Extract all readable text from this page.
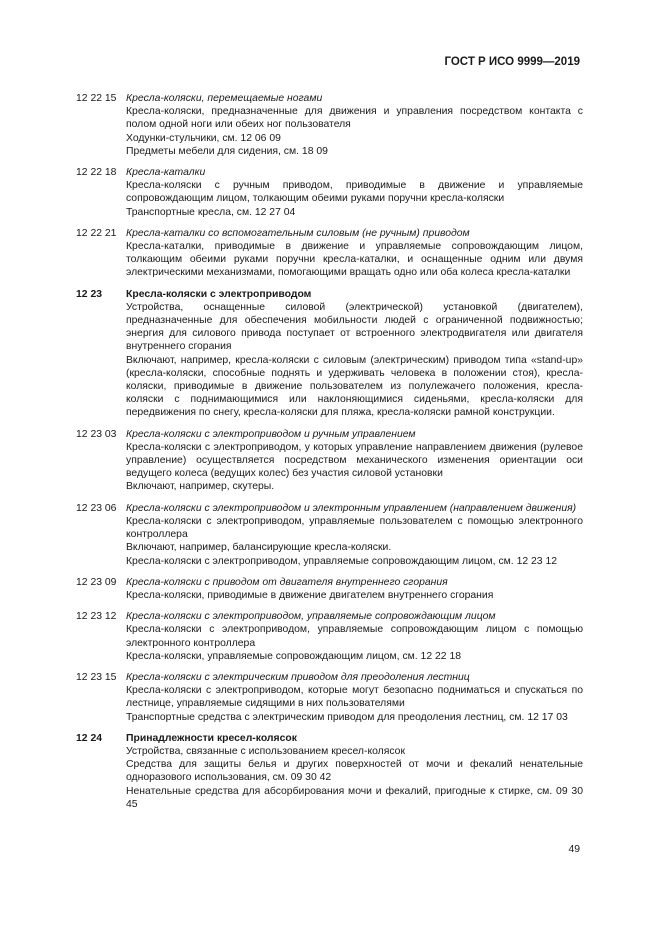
ГОСТ Р ИСО 9999—2019
12 22 15 Кресла-коляски, перемещаемые ногами
Кресла-коляски, предназначенные для движения и управления посредством контакта с полом одной ноги или обеих ног пользователя
Ходунки-стульчики, см. 12 06 09
Предметы мебели для сидения, см. 18 09
12 22 18 Кресла-каталки
Кресла-коляски с ручным приводом, приводимые в движение и управляемые сопровождающим лицом, толкающим обеими руками поручни кресла-коляски
Транспортные кресла, см. 12 27 04
12 22 21 Кресла-каталки со вспомогательным силовым (не ручным) приводом
Кресла-каталки, приводимые в движение и управляемые сопровождающим лицом, толкающим обеими руками поручни кресла-каталки, и оснащенные одним или двумя электрическими механизмами, помогающими вращать одно или оба колеса кресла-каталки
12 23	Кресла-коляски с электроприводом
Устройства, оснащенные силовой (электрической) установкой (двигателем), предназначенные для обеспечения мобильности людей с ограниченной подвижностью; энергия для силового привода поступает от встроенного электродвигателя или двигателя внутреннего сгорания
Включают, например, кресла-коляски с силовым (электрическим) приводом типа «stand-up» (кресла-коляски, способные поднять и удерживать человека в положении стоя), кресла-коляски, приводимые в движение пользователем из полулежачего положения, кресла-коляски с поднимающимися или наклоняющимися сиденьями, кресла-коляски для передвижения по снегу, кресла-коляски для пляжа, кресла-коляски рамной конструкции.
12 23 03 Кресла-коляски с электроприводом и ручным управлением
Кресла-коляски с электроприводом, у которых управление направлением движения (рулевое управление) осуществляется посредством механического изменения ориентации оси ведущего колеса (ведущих колес) без участия силовой установки
Включают, например, скутеры.
12 23 06 Кресла-коляски с электроприводом и электронным управлением (направлением движения)
Кресла-коляски с электроприводом, управляемые пользователем с помощью электронного контроллера
Включают, например, балансирующие кресла-коляски.
Кресла-коляски с электроприводом, управляемые сопровождающим лицом, см. 12 23 12
12 23 09 Кресла-коляски с приводом от двигателя внутреннего сгорания
Кресла-коляски, приводимые в движение двигателем внутреннего сгорания
12 23 12 Кресла-коляски с электроприводом, управляемые сопровождающим лицом
Кресла-коляски с электроприводом, управляемые сопровождающим лицом с помощью электронного контроллера
Кресла-коляски, управляемые сопровождающим лицом, см. 12 22 18
12 23 15 Кресла-коляски с электрическим приводом для преодоления лестниц
Кресла-коляски с электроприводом, которые могут безопасно подниматься и спускаться по лестнице, управляемые сидящими в них пользователями
Транспортные средства с электрическим приводом для преодоления лестниц, см. 12 17 03
12 24	Принадлежности кресел-колясок
Устройства, связанные с использованием кресел-колясок
Средства для защиты белья и других поверхностей от мочи и фекалий ненательные одноразового использования, см. 09 30 42
Ненательные средства для абсорбирования мочи и фекалий, пригодные к стирке, см. 09 30 45
49
